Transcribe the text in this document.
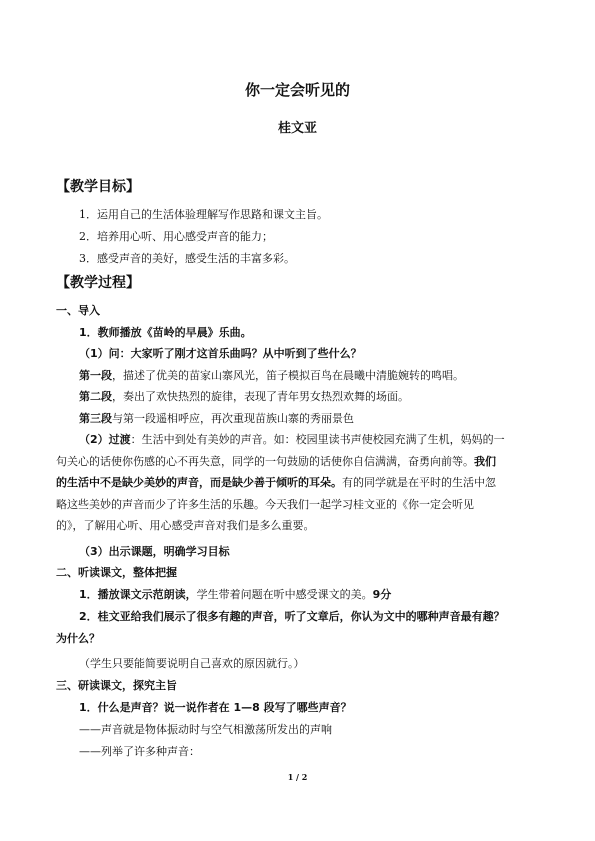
你一定会听见的
桂文亚
【教学目标】
1．运用自己的生活体验理解写作思路和课文主旨。
2．培养用心听、用心感受声音的能力；
3．感受声音的美好，感受生活的丰富多彩。
【教学过程】
一、导入
1．教师播放《苗岭的早晨》乐曲。
（1）问：大家听了刚才这首乐曲吗？从中听到了些什么？
第一段，描述了优美的苗家山寨风光，笛子模拟百鸟在晨曦中清脆婉转的鸣唱。
第二段，奏出了欢快热烈的旋律，表现了青年男女热烈欢舞的场面。
第三段与第一段遥相呼应，再次重现苗族山寨的秀丽景色
（2）过渡：生活中到处有美妙的声音。如：校园里读书声使校园充满了生机，妈妈的一
句关心的话使你伤感的心不再失意，同学的一句鼓励的话使你自信满满，奋勇向前等。我们
的生活中不是缺少美妙的声音，而是缺少善于倾听的耳朵。有的同学就是在平时的生活中忽
略这些美妙的声音而少了许多生活的乐趣。今天我们一起学习桂文亚的《你一定会听见
的》，了解用心听、用心感受声音对我们是多么重要。
（3）出示课题，明确学习目标
二、听读课文，整体把握
1．播放课文示范朗读，学生带着问题在听中感受课文的美。9分
2．桂文亚给我们展示了很多有趣的声音，听了文章后，你认为文中的哪种声音最有趣？
为什么？
（学生只要能简要说明自己喜欢的原因就行。）
三、研读课文，探究主旨
1．什么是声音？说一说作者在 1—8 段写了哪些声音？
——声音就是物体振动时与空气相激荡所发出的声响
——列举了许多种声音：
1 / 2
